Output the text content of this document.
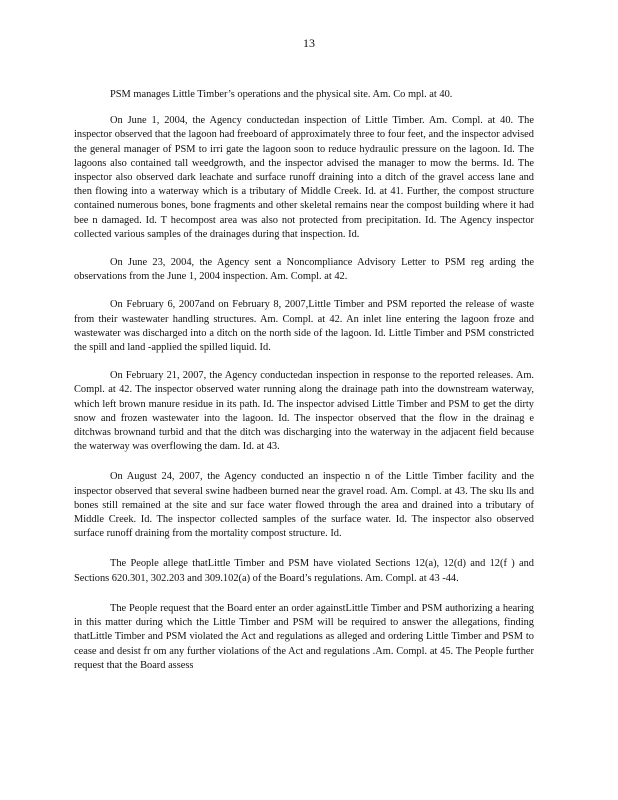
13

PSM manages Little Timber’s operations and the physical site. Am. Co mpl. at 40.

On June 1, 2004, the Agency conductedan inspection of Little Timber. Am. Compl. at 40. The inspector observed that the lagoon had freeboard of approximately three to four feet, and the inspector advised the general manager of PSM to irri gate the lagoon soon to reduce hydraulic pressure on the lagoon. Id. The lagoons also contained tall weedgrowth, and the inspector advised the manager to mow the berms. Id. The inspector also observed dark leachate and surface runoff draining into a ditch of the gravel access lane and then flowing into a waterway which is a tributary of Middle Creek. Id. at 41. Further, the compost structure contained numerous bones, bone fragments and other skeletal remains near the compost building where it had bee n damaged. Id. T hecompost area was also not protected from precipitation. Id. The Agency inspector collected various samples of the drainages during that inspection. Id.

On June 23, 2004, the Agency sent a Noncompliance Advisory Letter to PSM reg arding the observations from the June 1, 2004 inspection. Am. Compl. at 42.

On February 6, 2007and on February 8, 2007,Little Timber and PSM reported the release of waste from their wastewater handling structures. Am. Compl. at 42. An inlet line entering the lagoon froze and wastewater was discharged into a ditch on the north side of the lagoon. Id. Little Timber and PSM constricted the spill and land -applied the spilled liquid. Id.

On February 21, 2007, the Agency conductedan inspection in response to the reported releases. Am. Compl. at 42. The inspector observed water running along the drainage path into the downstream waterway, which left brown manure residue in its path. Id. The inspector advised Little Timber and PSM to get the dirty snow and frozen wastewater into the lagoon. Id. The inspector observed that the flow in the drainag e ditchwas brownand turbid and that the ditch was discharging into the waterway in the adjacent field because the waterway was overflowing the dam. Id. at 43.

On August 24, 2007, the Agency conducted an inspectio n of the Little Timber facility and the inspector observed that several swine hadbeen burned near the gravel road. Am. Compl. at 43. The sku lls and bones still remained at the site and sur face water flowed through the area and drained into a tributary of Middle Creek. Id. The inspector collected samples of the surface water. Id. The inspector also observed surface runoff draining from the mortality compost structure. Id.

The People allege thatLittle Timber and PSM have violated Sections 12(a), 12(d) and 12(f ) and Sections 620.301, 302.203 and 309.102(a) of the Board’s regulations. Am. Compl. at 43 -44.

The People request that the Board enter an order againstLittle Timber and PSM authorizing a hearing in this matter during which the Little Timber and PSM will be required to answer the allegations, finding thatLittle Timber and PSM violated the Act and regulations as alleged and ordering Little Timber and PSM to cease and desist fr om any further violations of the Act and regulations .Am. Compl. at 45. The People further request that the Board assess
